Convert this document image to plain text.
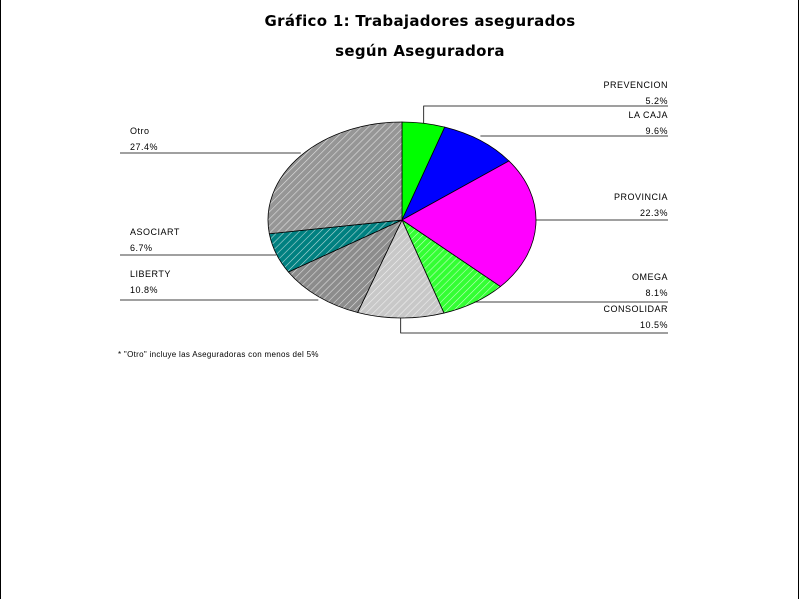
Gráfico 1: Trabajadores asegurados
según Aseguradora
PREVENCION
5.2%
LA CAJA
9.6%
PROVINCIA
22.3%
OMEGA
8.1%
CONSOLIDAR
10.5%
LIBERTY
10.8%
ASOCIART
6.7%
Otro
27.4%
* "Otro" incluye las Aseguradoras con menos del 5%
